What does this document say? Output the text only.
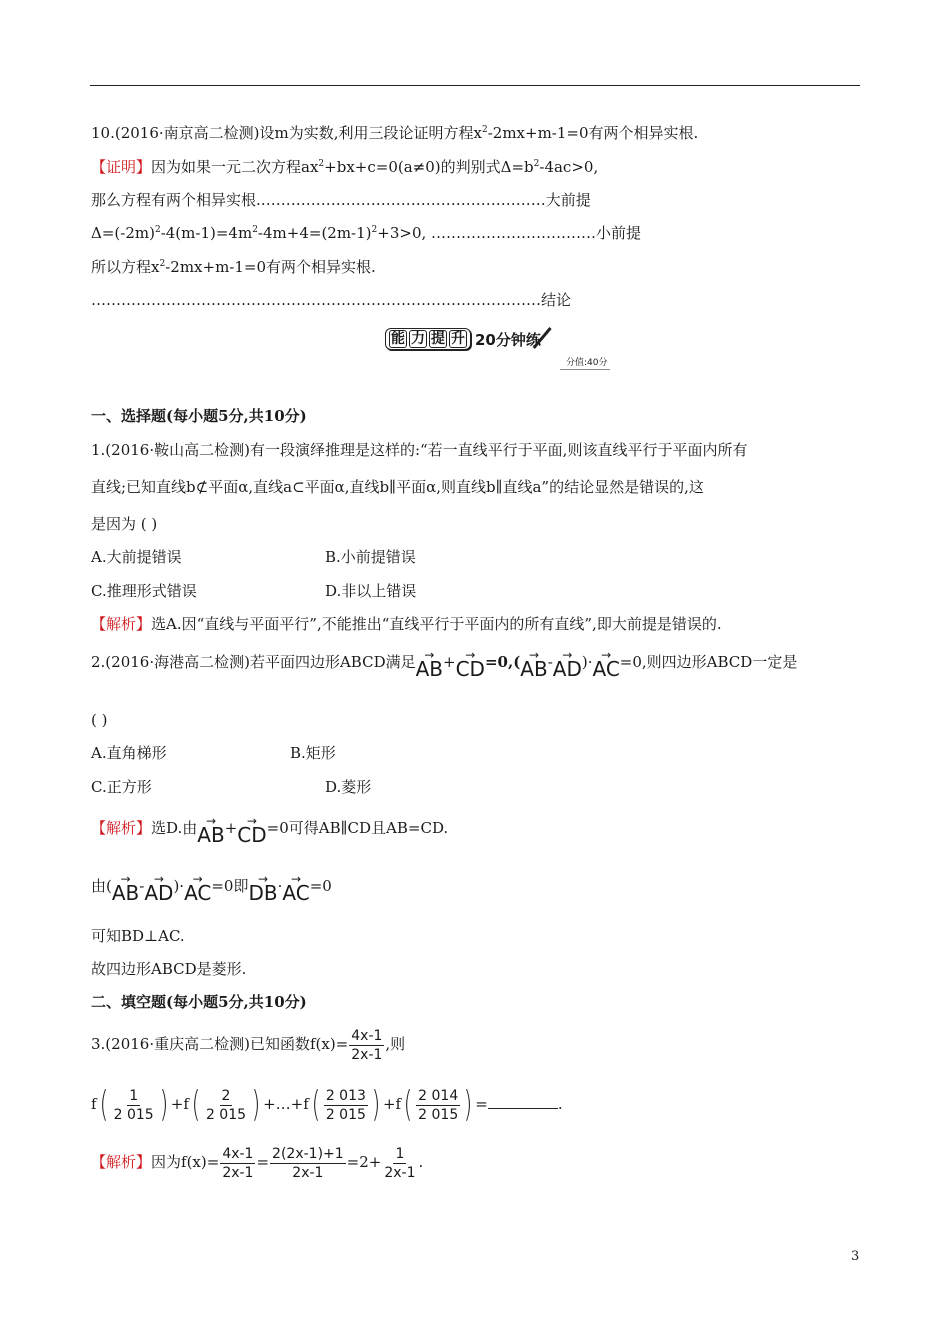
10.(2016·南京高二检测)设m为实数,利用三段论证明方程$x^2-2mx+m-1=0$有两个相异实根.
【证明】因为如果一元二次方程$ax^2+bx+c=0(a\ne 0)$的判别式$\Delta=b^2-4ac>0$,
那么方程有两个相异实根.…………………………………………………大前提
$\Delta=(-2m)^2-4(m-1)=4m^2-4m+4=(2m-1)^2+3>0$, ……………………………小前提
所以方程$x^2-2mx+m-1=0$有两个相异实根.
………………………………………………………………………………结论
能 力 提 升 20分钟练
分值:40分
一、选择题(每小题5分,共10分)
1.(2016·鞍山高二检测)有一段演绎推理是这样的:“若一直线平行于平面,则该直线平行于平面内所有
直线;已知直线b⊄平面α,直线a⊂平面α,直线b∥平面α,则直线b∥直线a”的结论显然是错误的,这
是因为 ( )
A.大前提错误	B.小前提错误
C.推理形式错误	D.非以上错误
【解析】选A.因“直线与平面平行”,不能推出“直线平行于平面内的所有直线”,即大前提是错误的.
2.(2016·海港高二检测)若平面四边形ABCD满足→ AB+→ CD=0,(→ AB-→ AD)·→ AC=0,则四边形ABCD一定是
( )
A.直角梯形	B.矩形
C.正方形	D.菱形
【解析】选D.由→ AB+→ CD=0可得AB∥CD且AB=CD.
由(→ AB-→ AD)·→ AC=0即→ DB·→ AC=0
可知BD⊥AC.
故四边形ABCD是菱形.
二、填空题(每小题5分,共10分)
3.(2016·重庆高二检测)已知函数$f(x)= \frac{4x-1}{2x-1}$ ,则
$f( \frac{1}{2 015}$ ) $+f( \frac{2}{2 015}$ ) +…+f( $\frac{2 013}{2 015}$ ) $+f( \frac{2 014}{2 015}$ ) =	.
【解析】因为$f(x)= \frac{4x-1}{2x-1} = \frac{2(2x-1)+1}{2x-1} =2+ \frac{1}{2x-1}$ .
3
